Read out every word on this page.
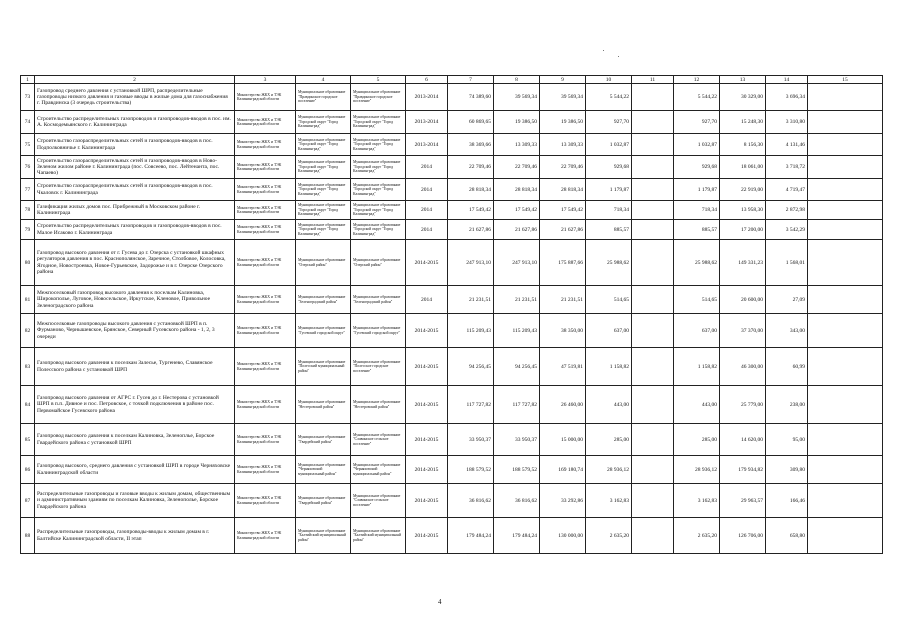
1	2	3	4	5	6	7	8	9	10	11	12	13	14	15
73	Газопровод среднего давления с установкой ШРП, распределительные газопроводы низкого давления и газовые вводы в жилые дома для газоснабжения г. Правдинска (3 очередь строительства)	Министерство ЖКХ и ТЭК Калининградской области	Муниципальное образование "Правдинское городское поселение"	Муниципальное образование "Правдинское городское поселение"	2013-2014	74 389,60	39 569,34	39 569,34	5 544,22		5 544,22	30 329,00	3 696,34	
74	Строительство распределительных газопроводов и газопроводов-вводов в пос. им. А. Космодемьянского г. Калининграда	Министерство ЖКХ и ТЭК Калининградской области	Муниципальное образование "Городской округ "Город Калининград"	Муниципальное образование "Городской округ "Город Калининград"	2013-2014	60 869,65	19 386,50	19 386,50	927,70		927,70	15 248,30	3 310,80	
75	Строительство газораспределительных сетей и газопроводов-вводов в пос. Подполковничье г. Калининграда	Министерство ЖКХ и ТЭК Калининградской области	Муниципальное образование "Городской округ "Город Калининград"	Муниципальное образование "Городской округ "Город Калининград"	2013-2014	38 369,66	13 309,33	13 309,33	1 032,87		1 032,87	8 156,30	4 131,46	
76	Строительство газораспределительных сетей и газопроводов-вводов в Ново-Зеленом жилом районе г. Калининграда (пос. Совсеево, пос. Лейтенанта, пос. Чапаево)	Министерство ЖКХ и ТЭК Калининградской области	Муниципальное образование "Городской округ "Город Калининград"	Муниципальное образование "Городской округ "Город Калининград"	2014	22 709,46	22 709,46	22 709,46	929,68		929,68	18 061,00	3 718,72	
77	Строительство газораспределительных сетей и газопроводов-вводов в пос. Чкаловск г. Калининграда	Министерство ЖКХ и ТЭК Калининградской области	Муниципальное образование "Городской округ "Город Калининград"	Муниципальное образование "Городской округ "Город Калининград"	2014	28 818,34	28 818,34	28 818,34	1 179,87		1 179,87	22 919,00	4 719,47	
78	Газификация жилых домов пос. Прибрежный в Московском районе г. Калининграда	Министерство ЖКХ и ТЭК Калининградской области	Муниципальное образование "Городской округ "Город Калининград"	Муниципальное образование "Городской округ "Город Калининград"	2014	17 549,42	17 549,42	17 549,42	718,34		718,34	13 958,30	2 872,98	
79	Строительство распределительных газопроводов и газопроводов-вводов в пос. Малое Исаково г. Калининграда	Министерство ЖКХ и ТЭК Калининградской области	Муниципальное образование "Городской округ "Город Калининград"	Муниципальное образование "Городской округ "Город Калининград"	2014	21 627,86	21 627,86	21 627,86	885,57		885,57	17 200,00	3 542,29	
80	Газопровод высокого давления от г. Гусева до г. Озерска с установкой шкафных регуляторов давления в пос. Краснополянское, Заречное, Столбовое, Колосовка, Ягодное, Новостроевка, Новое-Гурьевское, Задорожье и в г. Озерске Озерского района	Министерство ЖКХ и ТЭК Калининградской области	Муниципальное образование "Озерский район"	Муниципальное образование "Озерский район"	2014-2015	247 913,10	247 913,10	175 887,66	25 988,62		25 988,62	149 331,23	1 568,01	
81	Межпоселковый газопровод высокого давления к поселкам Калиновка, Широкополье, Луговое, Новосельское, Иркутское, Кленовое, Привольное Зеленоградского района	Министерство ЖКХ и ТЭК Калининградской области	Муниципальное образование "Зеленоградский район"	Муниципальное образование "Зеленоградский район"	2014	21 231,51	21 231,51	21 231,51	514,65		514,65	20 600,00	27,09	
82	Межпоселковые газопроводы высокого давления с установкой ШРП в п. Фурманово, Чернышевское, Брянское, Северный Гусевского района - 1, 2, 3 очереди	Министерство ЖКХ и ТЭК Калининградской области	Муниципальное образование "Гусевский городской округ"	Муниципальное образование "Гусевский городской округ"	2014-2015	115 209,43	115 209,43	38 350,00	637,00		637,00	37 370,00	343,00	
83	Газопровод высокого давления к поселкам Залесье, Тургенево, Славянское Полесского района с установкой ШРП	Министерство ЖКХ и ТЭК Калининградской области	Муниципальное образование "Полесский муниципальный район"	Муниципальное образование "Полесское городское поселение"	2014-2015	94 256,45	94 256,45	47 519,81	1 158,82		1 158,82	46 300,00	60,99	
84	Газопровод высокого давления от АГРС г. Гусев до г. Нестерова с установкой ШРП в п.п. Дивное и пос. Петровское, с точкой подключения в районе пос. Первомайское Гусевского района	Министерство ЖКХ и ТЭК Калининградской области	Муниципальное образование "Нестеровский район"	Муниципальное образование "Нестеровский район"	2014-2015	117 727,82	117 727,82	26 460,00	443,00		443,00	25 779,00	238,00	
85	Газопровод высокого давления к поселкам Калиновка, Зеленоплье, Борское Гвардейского района с установкой ШРП	Министерство ЖКХ и ТЭК Калининградской области	Муниципальное образование "Гвардейский район"	Муниципальное образование "Славинское сельское поселение"	2014-2015	33 950,37	33 950,37	15 000,00	285,00		285,00	14 620,00	95,00	
86	Газопровод высокого, среднего давления с установкой ШРП в городе Черняховске Калининградской области	Министерство ЖКХ и ТЭК Калининградской области	Муниципальное образование "Черняховский муниципальный район"	Муниципальное образование "Черняховский муниципальный район"	2014-2015	188 579,52	188 579,52	169 180,74	28 936,12		28 936,12	179 934,82	309,80	
87	Распределительные газопроводы и газовые вводы к жилым домам, общественным и административным зданиям по поселкам Калиновка, Зеленополье, Борское Гвардейского района	Министерство ЖКХ и ТЭК Калининградской области	Муниципальное образование "Гвардейский район"	Муниципальное образование "Славинское сельское поселение"	2014-2015	36 816,62	36 816,62	33 292,86	3 162,83		3 162,83	29 963,57	166,46	
88	Распределительные газопроводы, газопроводы-вводы к жилым домам в г. Балтийске Калининградской области, II этап	Министерство ЖКХ и ТЭК Калининградской области	Муниципальное образование "Балтийский муниципальный район"	Муниципальное образование "Балтийский муниципальный район"	2014-2015	179 484,24	179 484,24	130 000,00	2 635,20		2 635,20	126 706,00	658,80	
4
